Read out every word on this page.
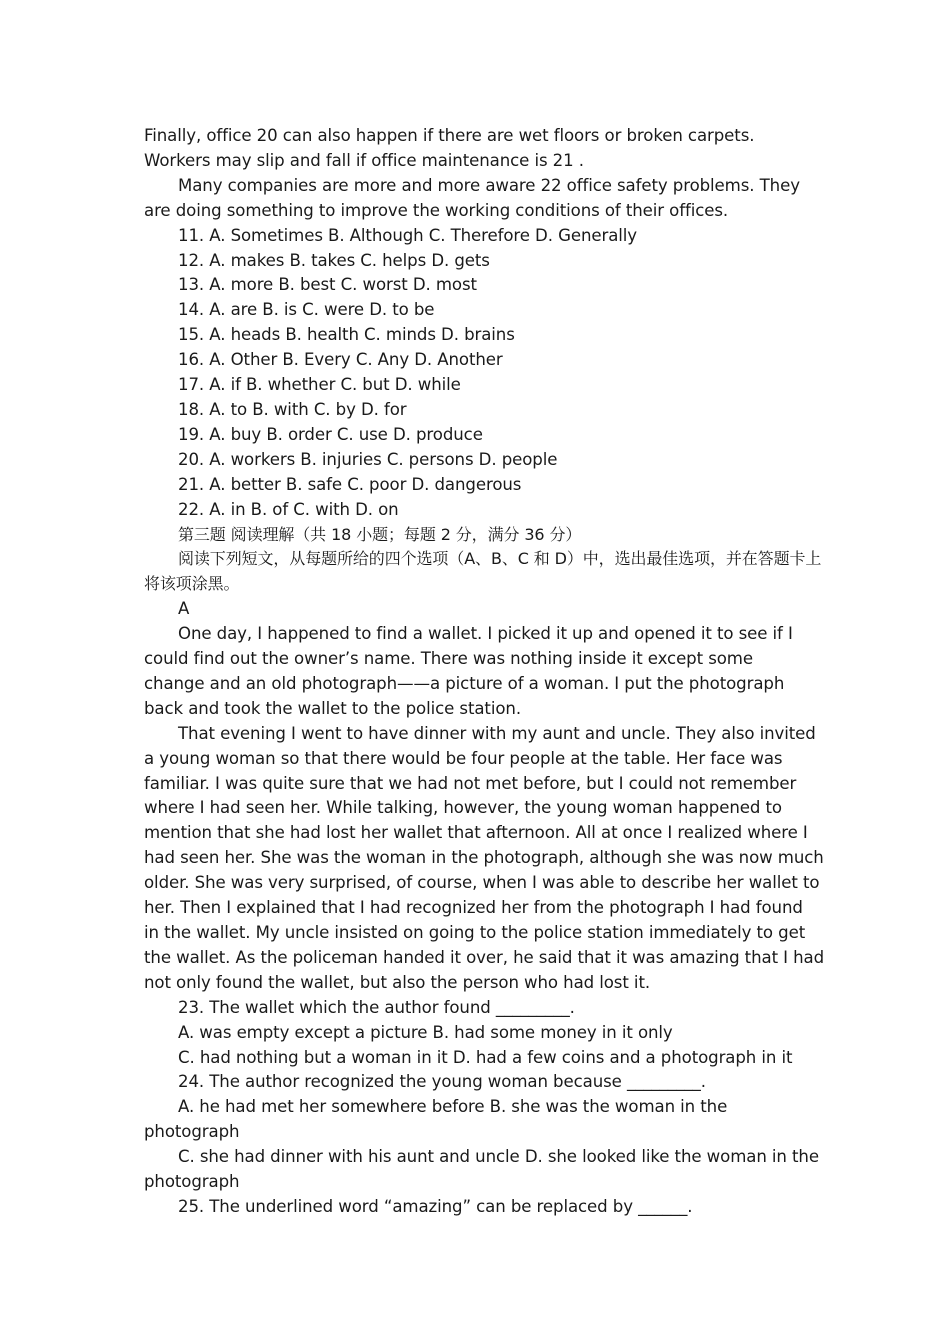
Finally, office 20 can also happen if there are wet floors or broken carpets.
Workers may slip and fall if office maintenance is 21 .
Many companies are more and more aware 22 office safety problems. They
are doing something to improve the working conditions of their offices.
11. A. Sometimes B. Although C. Therefore D. Generally
12. A. makes B. takes C. helps D. gets
13. A. more B. best C. worst D. most
14. A. are B. is C. were D. to be
15. A. heads B. health C. minds D. brains
16. A. Other B. Every C. Any D. Another
17. A. if B. whether C. but D. while
18. A. to B. with C. by D. for
19. A. buy B. order C. use D. produce
20. A. workers B. injuries C. persons D. people
21. A. better B. safe C. poor D. dangerous
22. A. in B. of C. with D. on
第三题 阅读理解（共 18 小题；每题 2 分，满分 36 分）
阅读下列短文，从每题所给的四个选项（A、B、C 和 D）中，选出最佳选项，并在答题卡上
将该项涂黑。
A
One day, I happened to find a wallet. I picked it up and opened it to see if I
could find out the owner’s name. There was nothing inside it except some
change and an old photograph——a picture of a woman. I put the photograph
back and took the wallet to the police station.
That evening I went to have dinner with my aunt and uncle. They also invited
a young woman so that there would be four people at the table. Her face was
familiar. I was quite sure that we had not met before, but I could not remember
where I had seen her. While talking, however, the young woman happened to
mention that she had lost her wallet that afternoon. All at once I realized where I
had seen her. She was the woman in the photograph, although she was now much
older. She was very surprised, of course, when I was able to describe her wallet to
her. Then I explained that I had recognized her from the photograph I had found
in the wallet. My uncle insisted on going to the police station immediately to get
the wallet. As the policeman handed it over, he said that it was amazing that I had
not only found the wallet, but also the person who had lost it.
23. The wallet which the author found _________.
A. was empty except a picture B. had some money in it only
C. had nothing but a woman in it D. had a few coins and a photograph in it
24. The author recognized the young woman because _________.
A. he had met her somewhere before B. she was the woman in the
photograph
C. she had dinner with his aunt and uncle D. she looked like the woman in the
photograph
25. The underlined word “amazing” can be replaced by ______.
